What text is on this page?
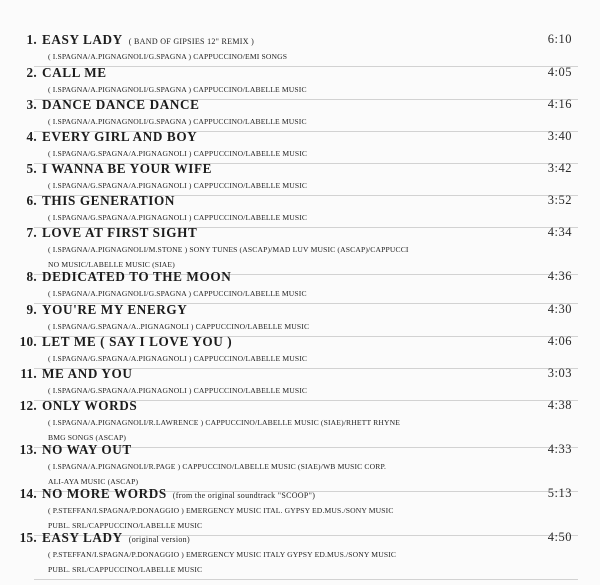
1. EASY LADY ( BAND OF GIPSIES 12" REMIX )	6:10
( I.SPAGNA/A.PIGNAGNOLI/G.SPAGNA ) CAPPUCCINO/EMI SONGS
2. CALL ME	4:05
( I.SPAGNA/A.PIGNAGNOLI/G.SPAGNA ) CAPPUCCINO/LABELLE MUSIC
3. DANCE DANCE DANCE	4:16
( I.SPAGNA/A.PIGNAGNOLI/G.SPAGNA ) CAPPUCCINO/LABELLE MUSIC
4. EVERY GIRL AND BOY	3:40
( I.SPAGNA/G.SPAGNA/A.PIGNAGNOLI ) CAPPUCCINO/LABELLE MUSIC
5. I WANNA BE YOUR WIFE	3:42
( I.SPAGNA/G.SPAGNA/A.PIGNAGNOLI ) CAPPUCCINO/LABELLE MUSIC
6. THIS GENERATION	3:52
( I.SPAGNA/G.SPAGNA/A.PIGNAGNOLI ) CAPPUCCINO/LABELLE MUSIC
7. LOVE AT FIRST SIGHT	4:34
( I.SPAGNA/A.PIGNAGNOLI/M.STONE ) SONY TUNES (ASCAP)/MAD LUV MUSIC (ASCAP)/CAPPUCCI
NO MUSIC/LABELLE MUSIC (SIAE)
8. DEDICATED TO THE MOON	4:36
( I.SPAGNA/A.PIGNAGNOLI/G.SPAGNA ) CAPPUCCINO/LABELLE MUSIC
9. YOU'RE MY ENERGY	4:30
( I.SPAGNA/G.SPAGNA/A..PIGNAGNOLI ) CAPPUCCINO/LABELLE MUSIC
10. LET ME ( SAY I LOVE YOU )	4:06
( I.SPAGNA/G.SPAGNA/A.PIGNAGNOLI ) CAPPUCCINO/LABELLE MUSIC
11. ME AND YOU	3:03
( I.SPAGNA/G.SPAGNA/A.PIGNAGNOLI ) CAPPUCCINO/LABELLE MUSIC
12. ONLY WORDS	4:38
( I.SPAGNA/A.PIGNAGNOLI/R.LAWRENCE ) CAPPUCCINO/LABELLE MUSIC (SIAE)/RHETT RHYNE
BMG SONGS (ASCAP)
13. NO WAY OUT	4:33
( I.SPAGNA/A.PIGNAGNOLI/R.PAGE ) CAPPUCCINO/LABELLE MUSIC (SIAE)/WB MUSIC CORP.
ALI-AYA MUSIC (ASCAP)
14. NO MORE WORDS (from the original soundtrack "SCOOP")	5:13
( P.STEFFAN/I.SPAGNA/P.DONAGGIO ) EMERGENCY MUSIC ITAL. GYPSY ED.MUS./SONY MUSIC
PUBL. SRL/CAPPUCCINO/LABELLE MUSIC
15. EASY LADY (original version)	4:50
( P.STEFFAN/I.SPAGNA/P.DONAGGIO ) EMERGENCY MUSIC ITALY GYPSY ED.MUS./SONY MUSIC
PUBL. SRL/CAPPUCCINO/LABELLE MUSIC
